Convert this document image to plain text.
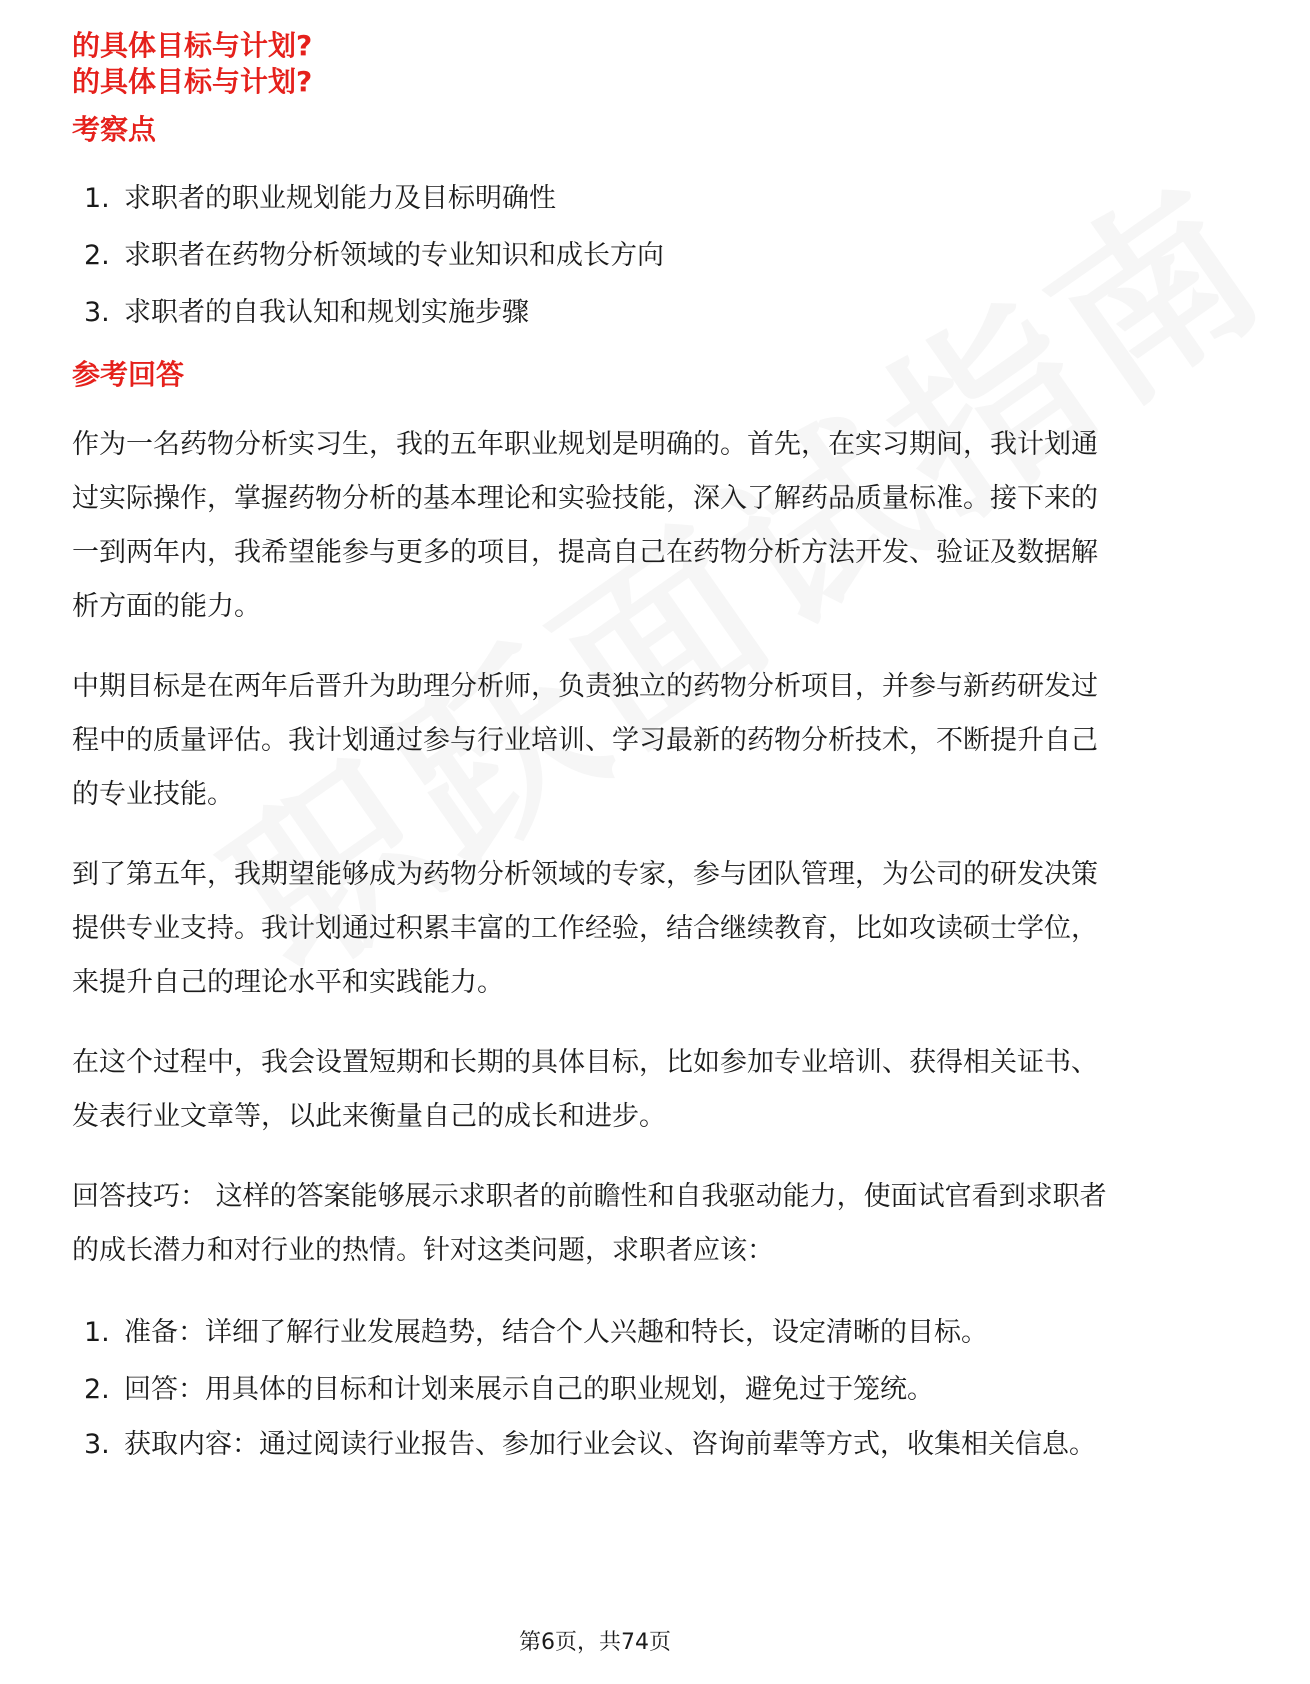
的具体目标与计划?
的具体目标与计划?
考察点
1. 求职者的职业规划能力及目标明确性
2. 求职者在药物分析领域的专业知识和成长方向
3. 求职者的自我认知和规划实施步骤
参考回答

作为一名药物分析实习生，我的五年职业规划是明确的。首先，在实习期间，我计划通过实际操作，掌握药物分析的基本理论和实验技能，深入了解药品质量标准。接下来的一到两年内，我希望能参与更多的项目，提高自己在药物分析方法开发、验证及数据解析方面的能力。

中期目标是在两年后晋升为助理分析师，负责独立的药物分析项目，并参与新药研发过程中的质量评估。我计划通过参与行业培训、学习最新的药物分析技术，不断提升自己的专业技能。

到了第五年，我期望能够成为药物分析领域的专家，参与团队管理，为公司的研发决策提供专业支持。我计划通过积累丰富的工作经验，结合继续教育，比如攻读硕士学位，来提升自己的理论水平和实践能力。

在这个过程中，我会设置短期和长期的具体目标，比如参加专业培训、获得相关证书、发表行业文章等，以此来衡量自己的成长和进步。

回答技巧： 这样的答案能够展示求职者的前瞻性和自我驱动能力，使面试官看到求职者的成长潜力和对行业的热情。针对这类问题，求职者应该：

1. 准备：详细了解行业发展趋势，结合个人兴趣和特长，设定清晰的目标。
2. 回答：用具体的目标和计划来展示自己的职业规划，避免过于笼统。
3. 获取内容：通过阅读行业报告、参加行业会议、咨询前辈等方式，收集相关信息。
第6页，共74页
